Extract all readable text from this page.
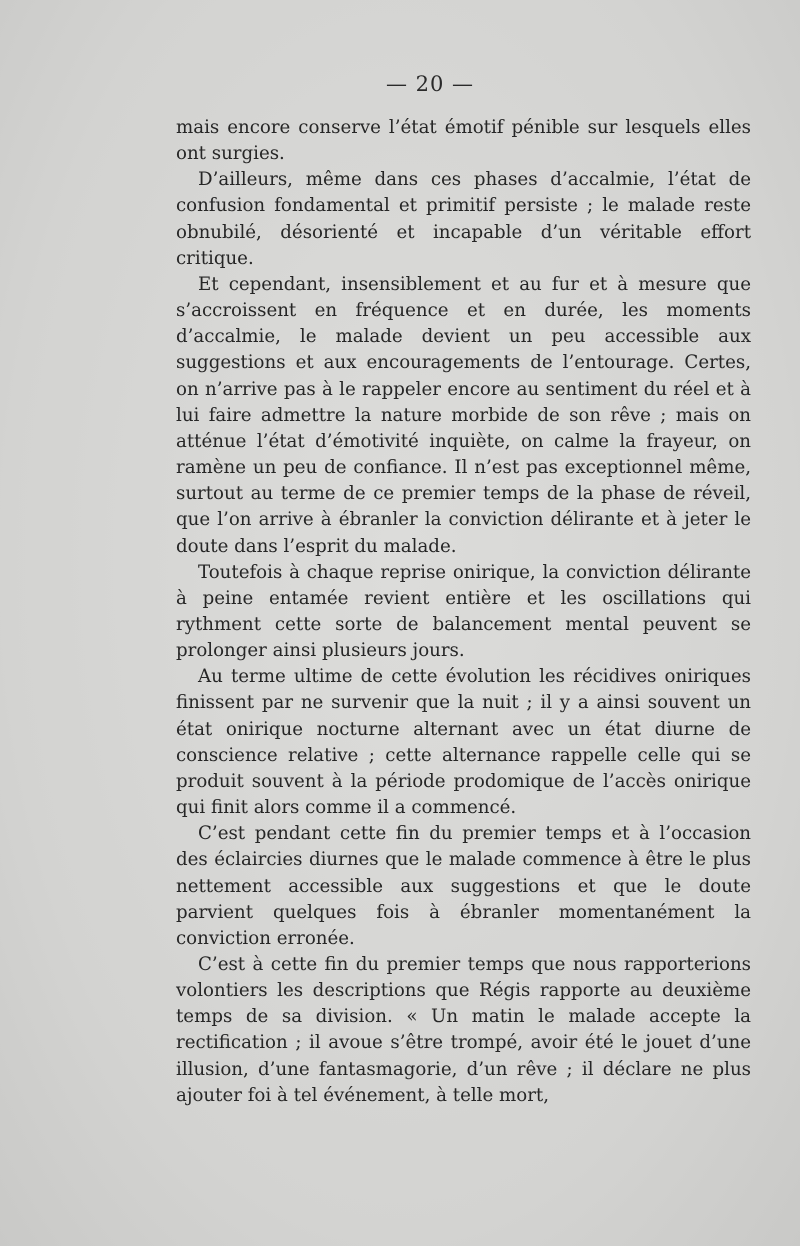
— 20 —

mais encore conserve l’état émotif pénible sur lesquels elles ont surgies.

D’ailleurs, même dans ces phases d’accalmie, l’état de confusion fondamental et primitif persiste ; le malade reste obnubilé, désorienté et incapable d’un véritable effort critique.

Et cependant, insensiblement et au fur et à mesure que s’accroissent en fréquence et en durée, les moments d’accalmie, le malade devient un peu accessible aux suggestions et aux encouragements de l’entourage. Certes, on n’arrive pas à le rappeler encore au sentiment du réel et à lui faire admettre la nature morbide de son rêve ; mais on atténue l’état d’émotivité inquiète, on calme la frayeur, on ramène un peu de confiance. Il n’est pas exceptionnel même, surtout au terme de ce premier temps de la phase de réveil, que l’on arrive à ébranler la conviction délirante et à jeter le doute dans l’esprit du malade.

Toutefois à chaque reprise onirique, la conviction délirante à peine entamée revient entière et les oscillations qui rythment cette sorte de balancement mental peuvent se prolonger ainsi plusieurs jours.

Au terme ultime de cette évolution les récidives oniriques finissent par ne survenir que la nuit ; il y a ainsi souvent un état onirique nocturne alternant avec un état diurne de conscience relative ; cette alternance rappelle celle qui se produit souvent à la période prodomique de l’accès onirique qui finit alors comme il a commencé.

C’est pendant cette fin du premier temps et à l’occasion des éclaircies diurnes que le malade commence à être le plus nettement accessible aux suggestions et que le doute parvient quelques fois à ébranler momentanément la conviction erronée.

C’est à cette fin du premier temps que nous rapporterions volontiers les descriptions que Régis rapporte au deuxième temps de sa division. « Un matin le malade accepte la rectification ; il avoue s’être trompé, avoir été le jouet d’une illusion, d’une fantasmagorie, d’un rêve ; il déclare ne plus ajouter foi à tel événement, à telle mort,
